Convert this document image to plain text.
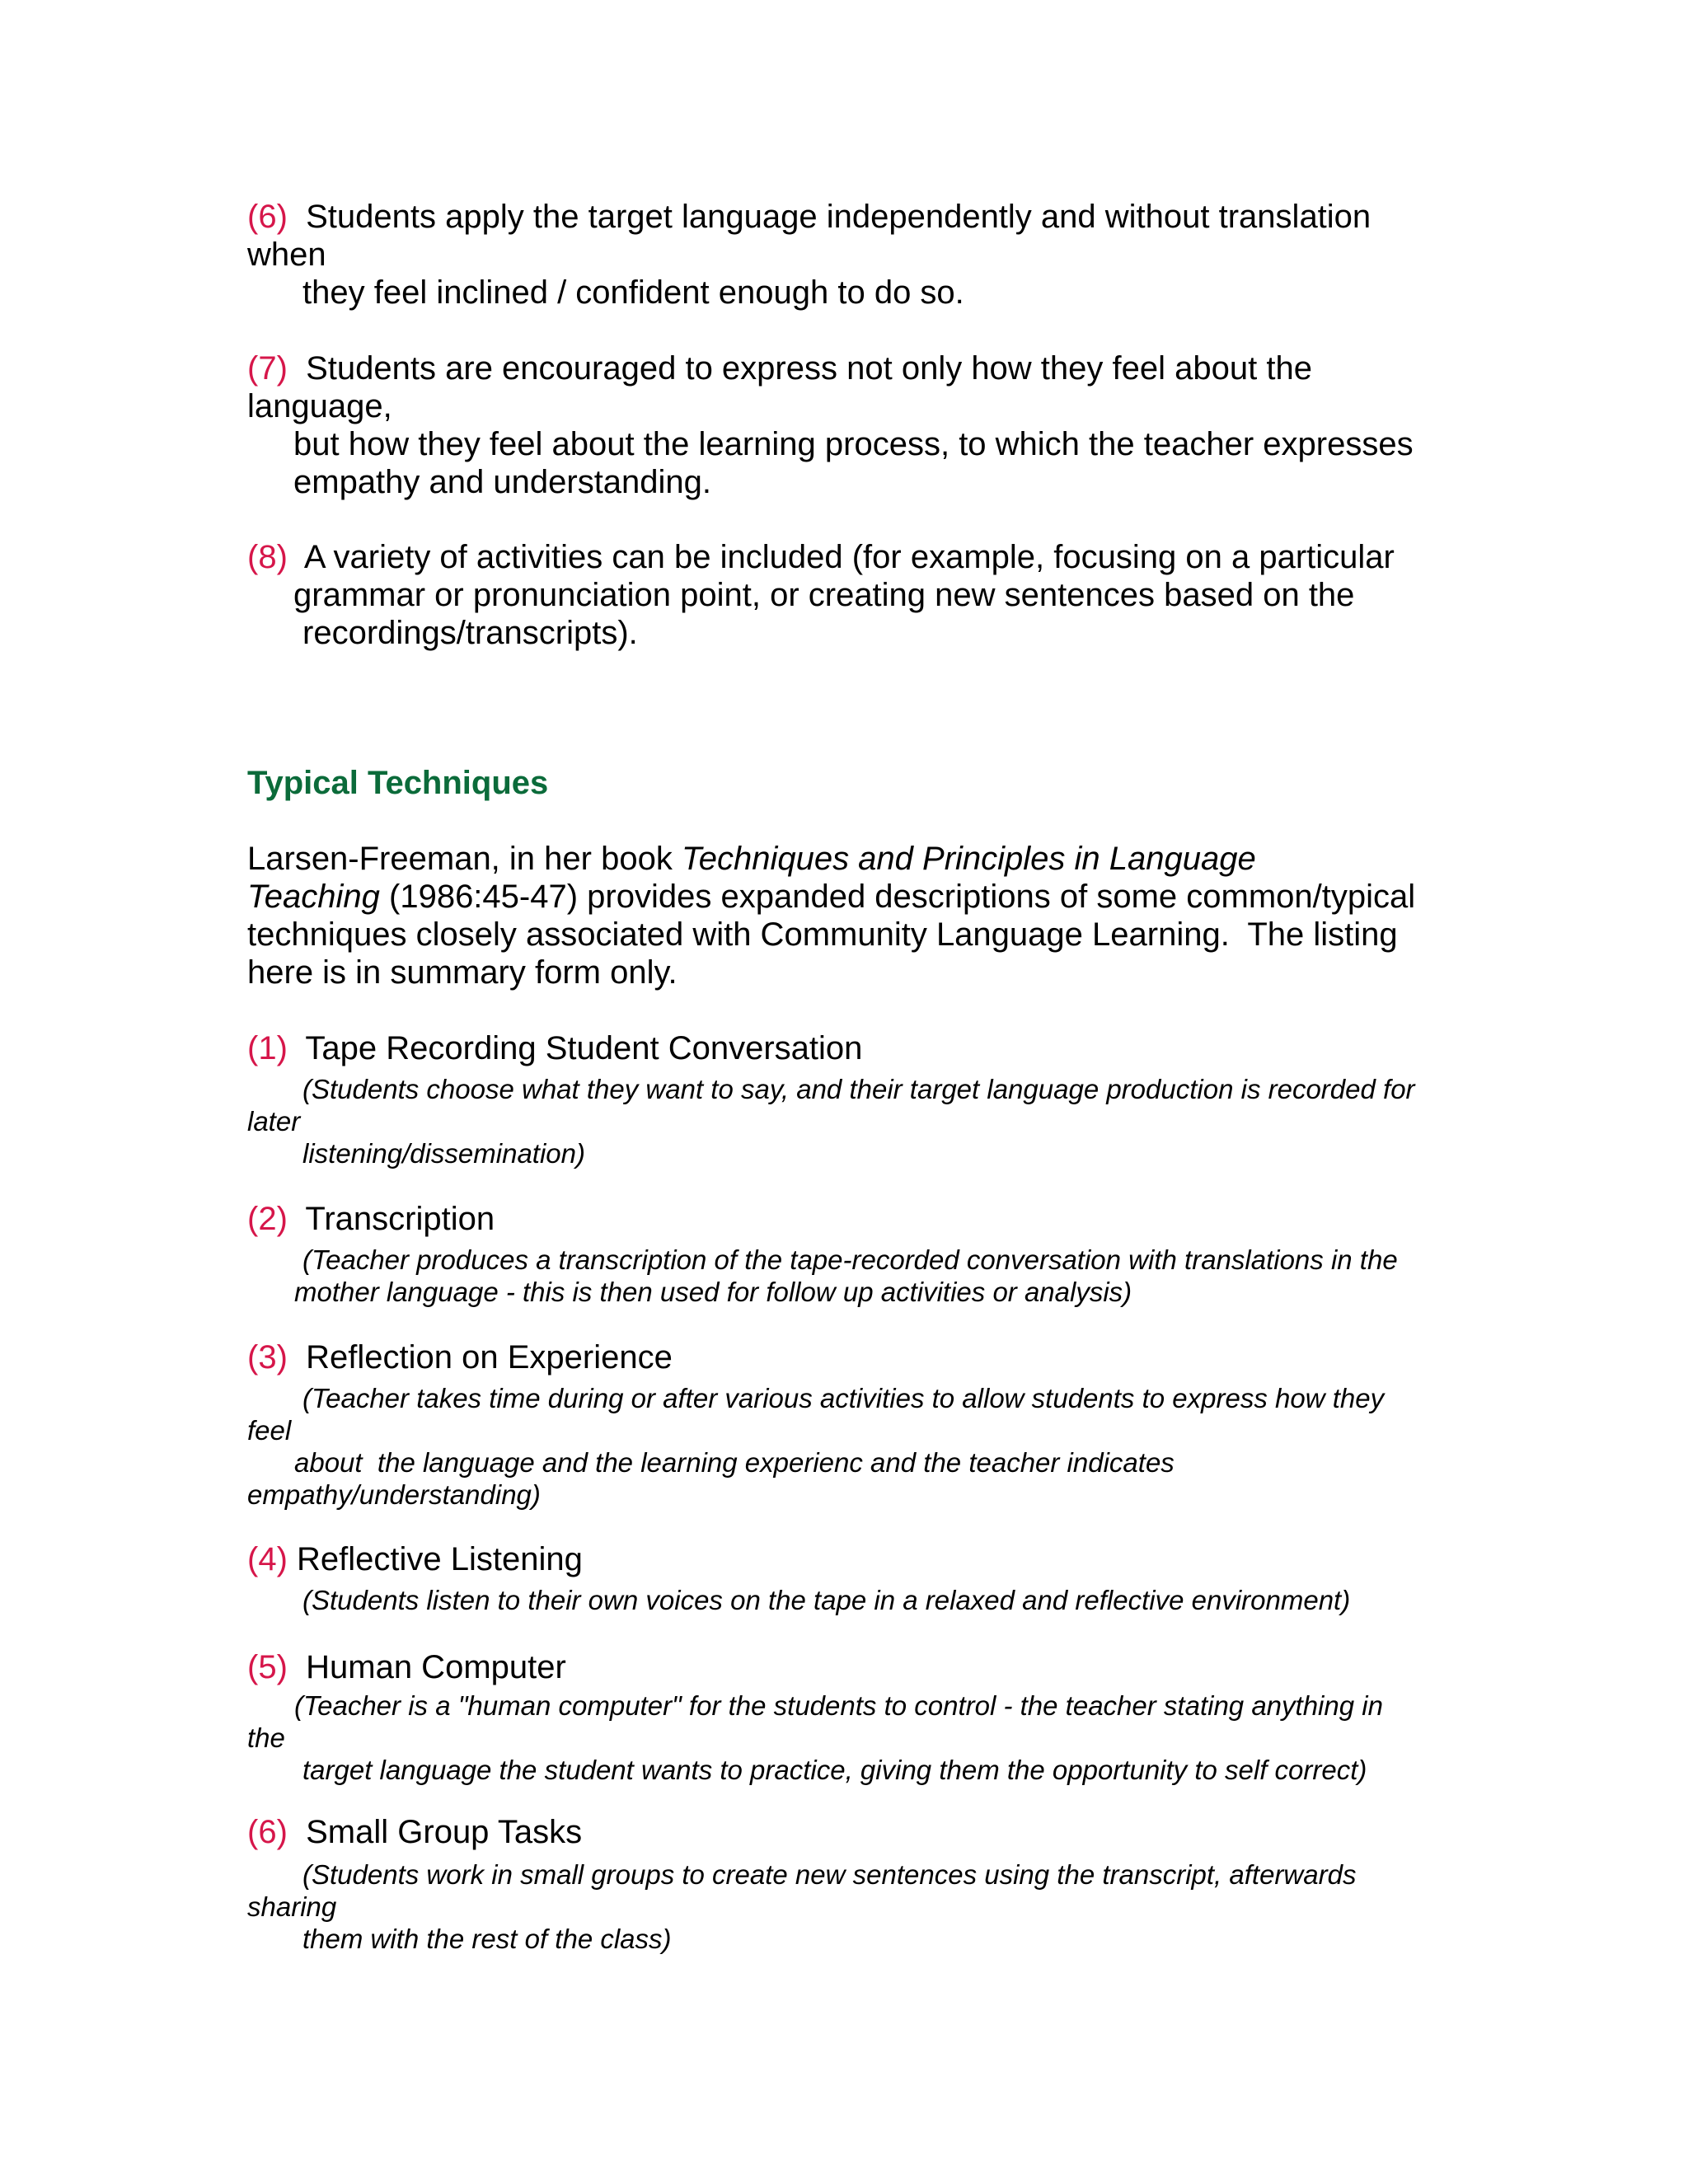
(6) Students apply the target language independently and without translation
when
they feel inclined / confident enough to do so.
(7) Students are encouraged to express not only how they feel about the
language,
but how they feel about the learning process, to which the teacher expresses
empathy and understanding.
(8) A variety of activities can be included (for example, focusing on a particular
grammar or pronunciation point, or creating new sentences based on the
recordings/transcripts).
Typical Techniques
Larsen-Freeman, in her book Techniques and Principles in Language
Teaching (1986:45-47) provides expanded descriptions of some common/typical
techniques closely associated with Community Language Learning.  The listing
here is in summary form only.
(1) Tape Recording Student Conversation
(Students choose what they want to say, and their target language production is recorded for
later
listening/dissemination)
(2) Transcription
(Teacher produces a transcription of the tape-recorded conversation with translations in the
mother language - this is then used for follow up activities or analysis)
(3) Reflection on Experience
(Teacher takes time during or after various activities to allow students to express how they
feel
about  the language and the learning experienc and the teacher indicates
empathy/understanding)
(4) Reflective Listening
(Students listen to their own voices on the tape in a relaxed and reflective environment)
(5) Human Computer
(Teacher is a "human computer" for the students to control - the teacher stating anything in
the
target language the student wants to practice, giving them the opportunity to self correct)
(6) Small Group Tasks
(Students work in small groups to create new sentences using the transcript, afterwards
sharing
them with the rest of the class)
